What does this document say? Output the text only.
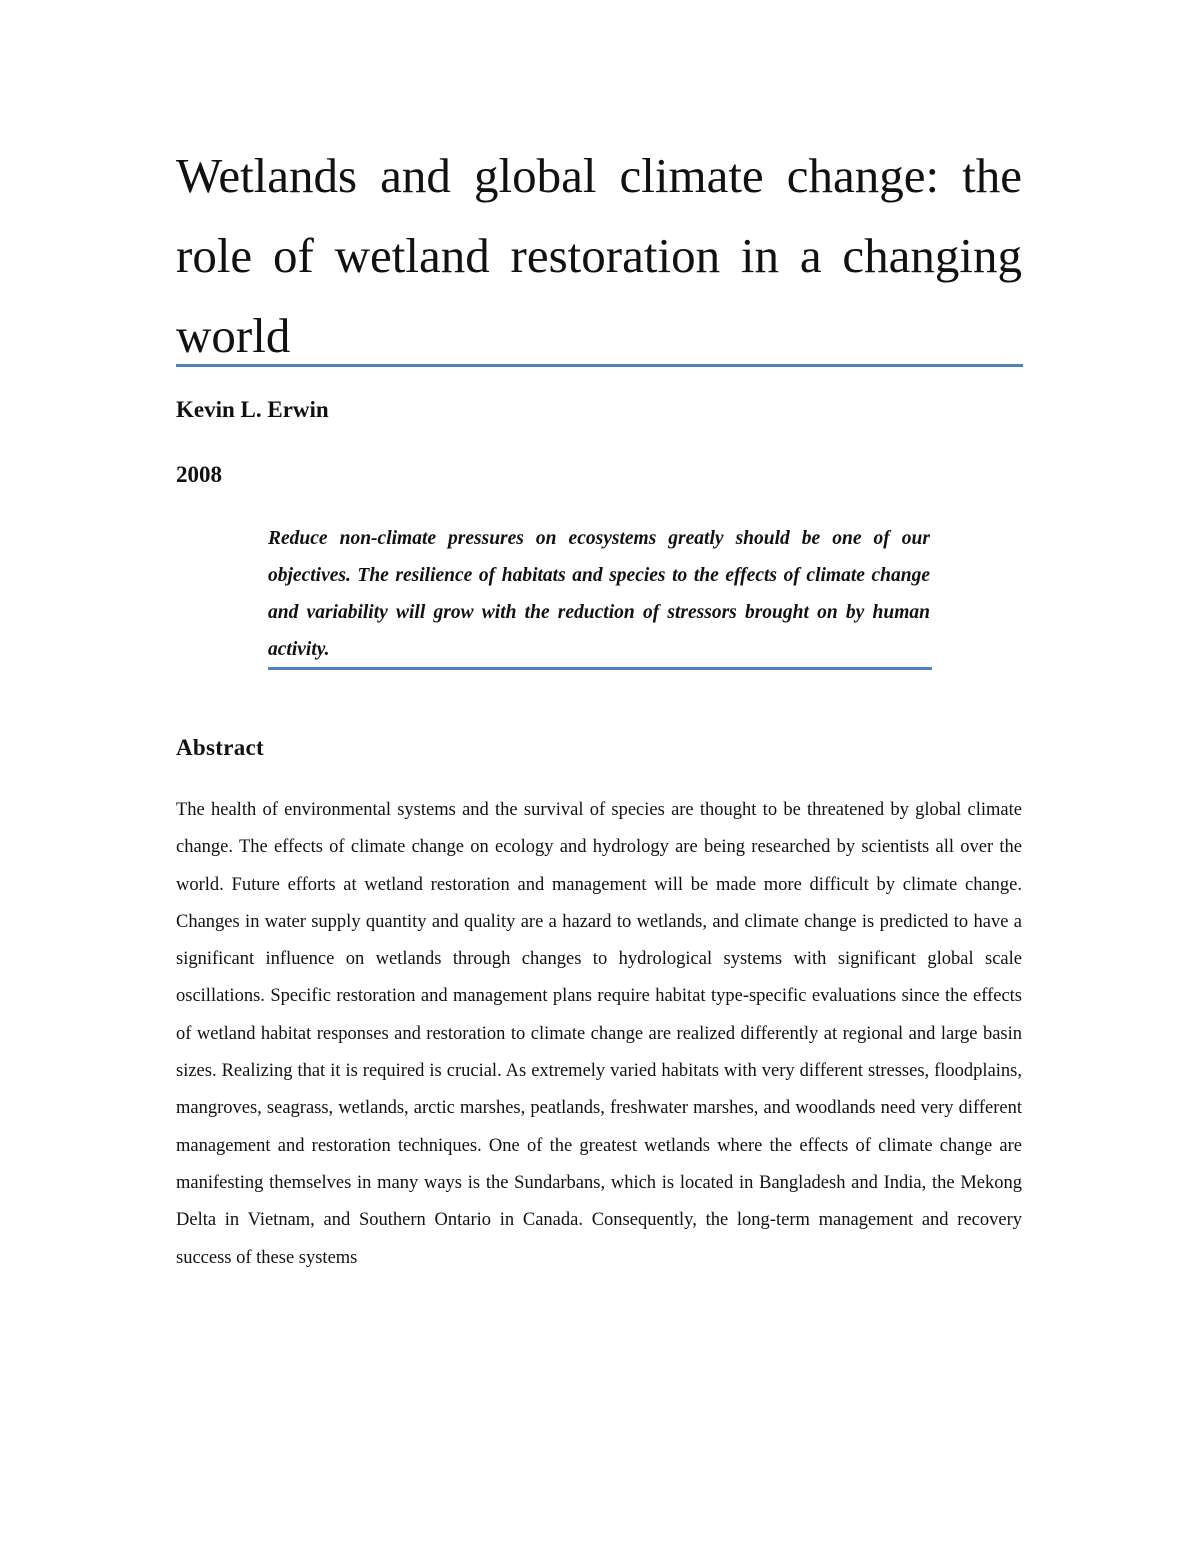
Wetlands and global climate change: the role of wetland restoration in a changing world

Kevin L. Erwin

2008

Reduce non-climate pressures on ecosystems greatly should be one of our objectives. The resilience of habitats and species to the effects of climate change and variability will grow with the reduction of stressors brought on by human activity.

Abstract

The health of environmental systems and the survival of species are thought to be threatened by global climate change. The effects of climate change on ecology and hydrology are being researched by scientists all over the world. Future efforts at wetland restoration and management will be made more difficult by climate change. Changes in water supply quantity and quality are a hazard to wetlands, and climate change is predicted to have a significant influence on wetlands through changes to hydrological systems with significant global scale oscillations. Specific restoration and management plans require habitat type-specific evaluations since the effects of wetland habitat responses and restoration to climate change are realized differently at regional and large basin sizes. Realizing that it is required is crucial. As extremely varied habitats with very different stresses, floodplains, mangroves, seagrass, wetlands, arctic marshes, peatlands, freshwater marshes, and woodlands need very different management and restoration techniques. One of the greatest wetlands where the effects of climate change are manifesting themselves in many ways is the Sundarbans, which is located in Bangladesh and India, the Mekong Delta in Vietnam, and Southern Ontario in Canada. Consequently, the long-term management and recovery success of these systems
